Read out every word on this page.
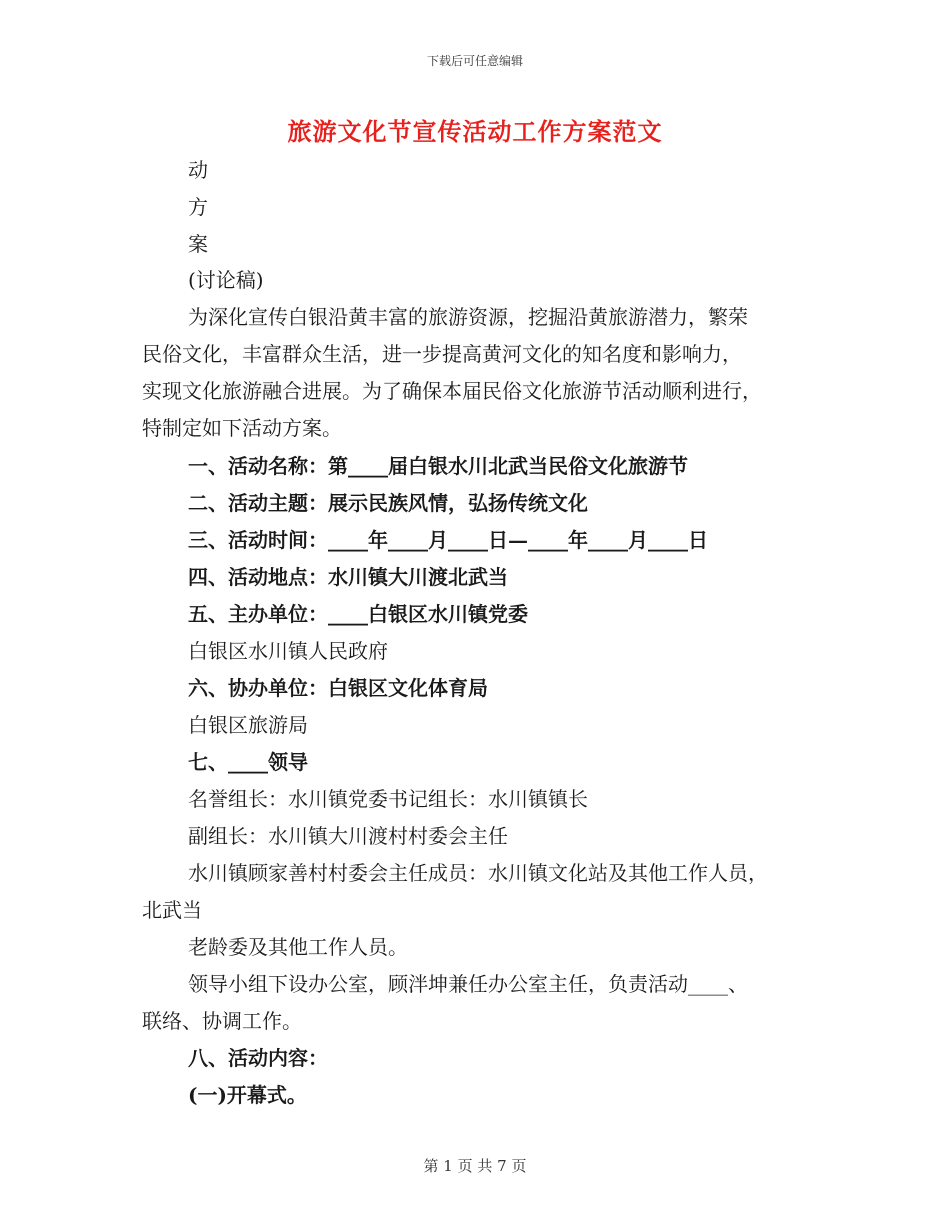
下载后可任意编辑
旅游文化节宣传活动工作方案范文
动
方
案
(讨论稿)
为深化宣传白银沿黄丰富的旅游资源，挖掘沿黄旅游潜力，繁荣
民俗文化，丰富群众生活，进一步提高黄河文化的知名度和影响力，
实现文化旅游融合进展。为了确保本届民俗文化旅游节活动顺利进行，
特制定如下活动方案。
一、活动名称：第____届白银水川北武当民俗文化旅游节
二、活动主题：展示民族风情，弘扬传统文化
三、活动时间：____年____月____日—____年____月____日
四、活动地点：水川镇大川渡北武当
五、主办单位：____白银区水川镇党委
白银区水川镇人民政府
六、协办单位：白银区文化体育局
白银区旅游局
七、____领导
名誉组长：水川镇党委书记组长：水川镇镇长
副组长：水川镇大川渡村村委会主任
水川镇顾家善村村委会主任成员：水川镇文化站及其他工作人员，
北武当
老龄委及其他工作人员。
领导小组下设办公室，顾泮坤兼任办公室主任，负责活动____、
联络、协调工作。
八、活动内容：
(一)开幕式。
第 1 页 共 7 页
